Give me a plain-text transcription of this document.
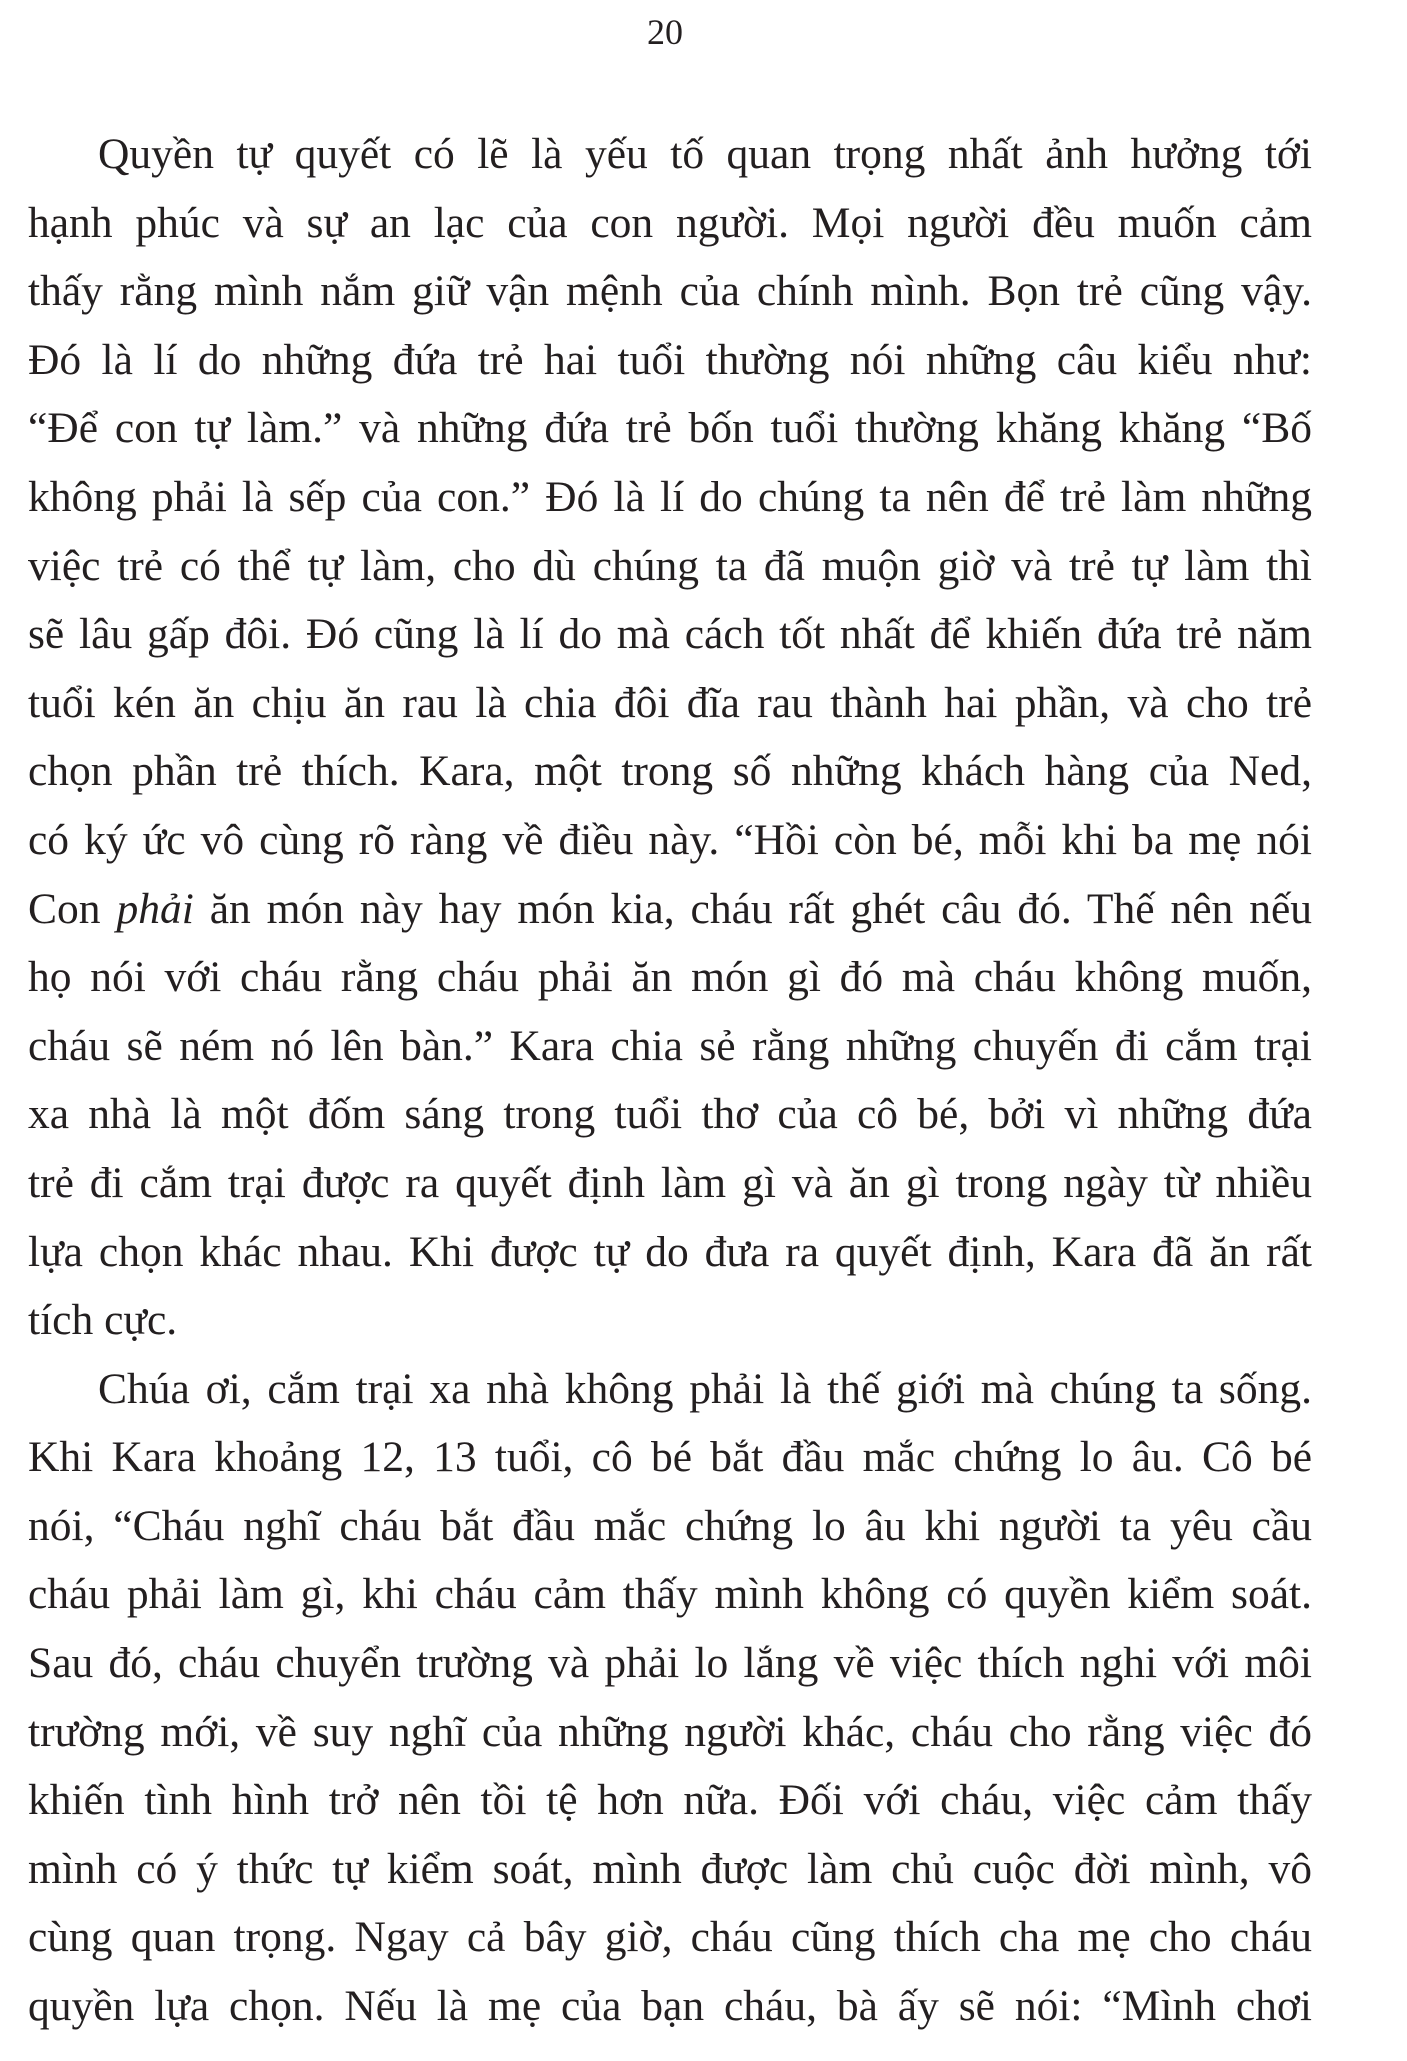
20
Quyền tự quyết có lẽ là yếu tố quan trọng nhất ảnh hưởng tới
hạnh phúc và sự an lạc của con người. Mọi người đều muốn cảm
thấy rằng mình nắm giữ vận mệnh của chính mình. Bọn trẻ cũng vậy.
Đó là lí do những đứa trẻ hai tuổi thường nói những câu kiểu như:
“Để con tự làm.” và những đứa trẻ bốn tuổi thường khăng khăng “Bố
không phải là sếp của con.” Đó là lí do chúng ta nên để trẻ làm những
việc trẻ có thể tự làm, cho dù chúng ta đã muộn giờ và trẻ tự làm thì
sẽ lâu gấp đôi. Đó cũng là lí do mà cách tốt nhất để khiến đứa trẻ năm
tuổi kén ăn chịu ăn rau là chia đôi đĩa rau thành hai phần, và cho trẻ
chọn phần trẻ thích. Kara, một trong số những khách hàng của Ned,
có ký ức vô cùng rõ ràng về điều này. “Hồi còn bé, mỗi khi ba mẹ nói
Con phải ăn món này hay món kia, cháu rất ghét câu đó. Thế nên nếu
họ nói với cháu rằng cháu phải ăn món gì đó mà cháu không muốn,
cháu sẽ ném nó lên bàn.” Kara chia sẻ rằng những chuyến đi cắm trại
xa nhà là một đốm sáng trong tuổi thơ của cô bé, bởi vì những đứa
trẻ đi cắm trại được ra quyết định làm gì và ăn gì trong ngày từ nhiều
lựa chọn khác nhau. Khi được tự do đưa ra quyết định, Kara đã ăn rất
tích cực.
Chúa ơi, cắm trại xa nhà không phải là thế giới mà chúng ta sống.
Khi Kara khoảng 12, 13 tuổi, cô bé bắt đầu mắc chứng lo âu. Cô bé
nói, “Cháu nghĩ cháu bắt đầu mắc chứng lo âu khi người ta yêu cầu
cháu phải làm gì, khi cháu cảm thấy mình không có quyền kiểm soát.
Sau đó, cháu chuyển trường và phải lo lắng về việc thích nghi với môi
trường mới, về suy nghĩ của những người khác, cháu cho rằng việc đó
khiến tình hình trở nên tồi tệ hơn nữa. Đối với cháu, việc cảm thấy
mình có ý thức tự kiểm soát, mình được làm chủ cuộc đời mình, vô
cùng quan trọng. Ngay cả bây giờ, cháu cũng thích cha mẹ cho cháu
quyền lựa chọn. Nếu là mẹ của bạn cháu, bà ấy sẽ nói: “Mình chơi
